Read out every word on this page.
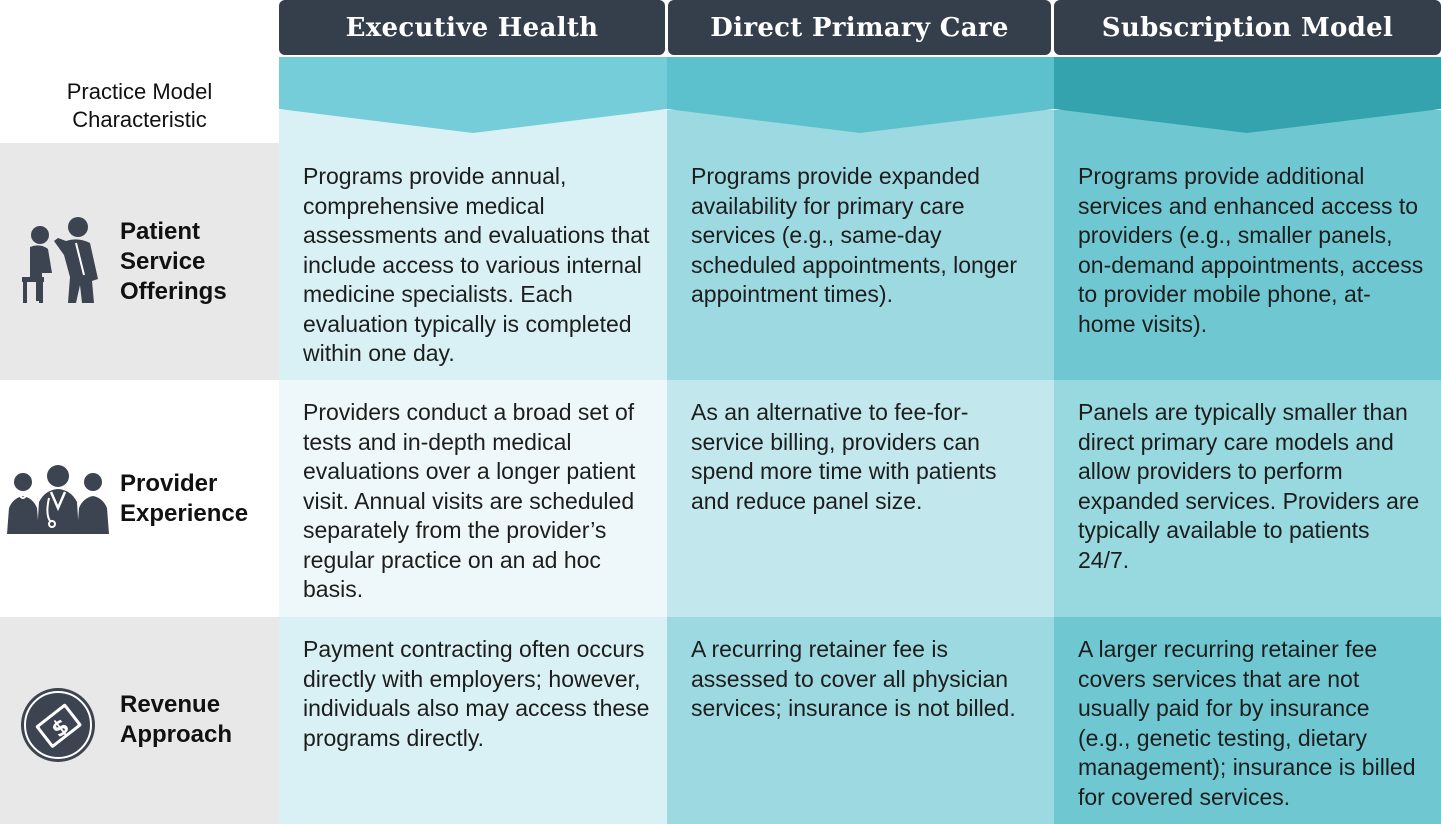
Executive Health	Direct Primary Care	Subscription Model
Practice Model
Characteristic
Programs provide annual, comprehensive medical assessments and evaluations that include access to various internal medicine specialists. Each evaluation typically is completed within one day.
Providers conduct a broad set of tests and in-depth medical evaluations over a longer patient visit. Annual visits are scheduled separately from the provider’s regular practice on an ad hoc basis.
Payment contracting often occurs directly with employers; however, individuals also may access these programs directly.
Programs provide expanded availability for primary care services (e.g., same-day scheduled appointments, longer appointment times).
As an alternative to fee-for-service billing, providers can spend more time with patients and reduce panel size.
A recurring retainer fee is assessed to cover all physician services; insurance is not billed.
Programs provide additional services and enhanced access to providers (e.g., smaller panels, on-demand appointments, access to provider mobile phone, at-home visits).
Panels are typically smaller than direct primary care models and allow providers to perform expanded services. Providers are typically available to patients 24/7.
A larger recurring retainer fee covers services that are not usually paid for by insurance (e.g., genetic testing, dietary management); insurance is billed for covered services.
Patient
Service
Offerings
Provider
Experience
Revenue
Approach
$
